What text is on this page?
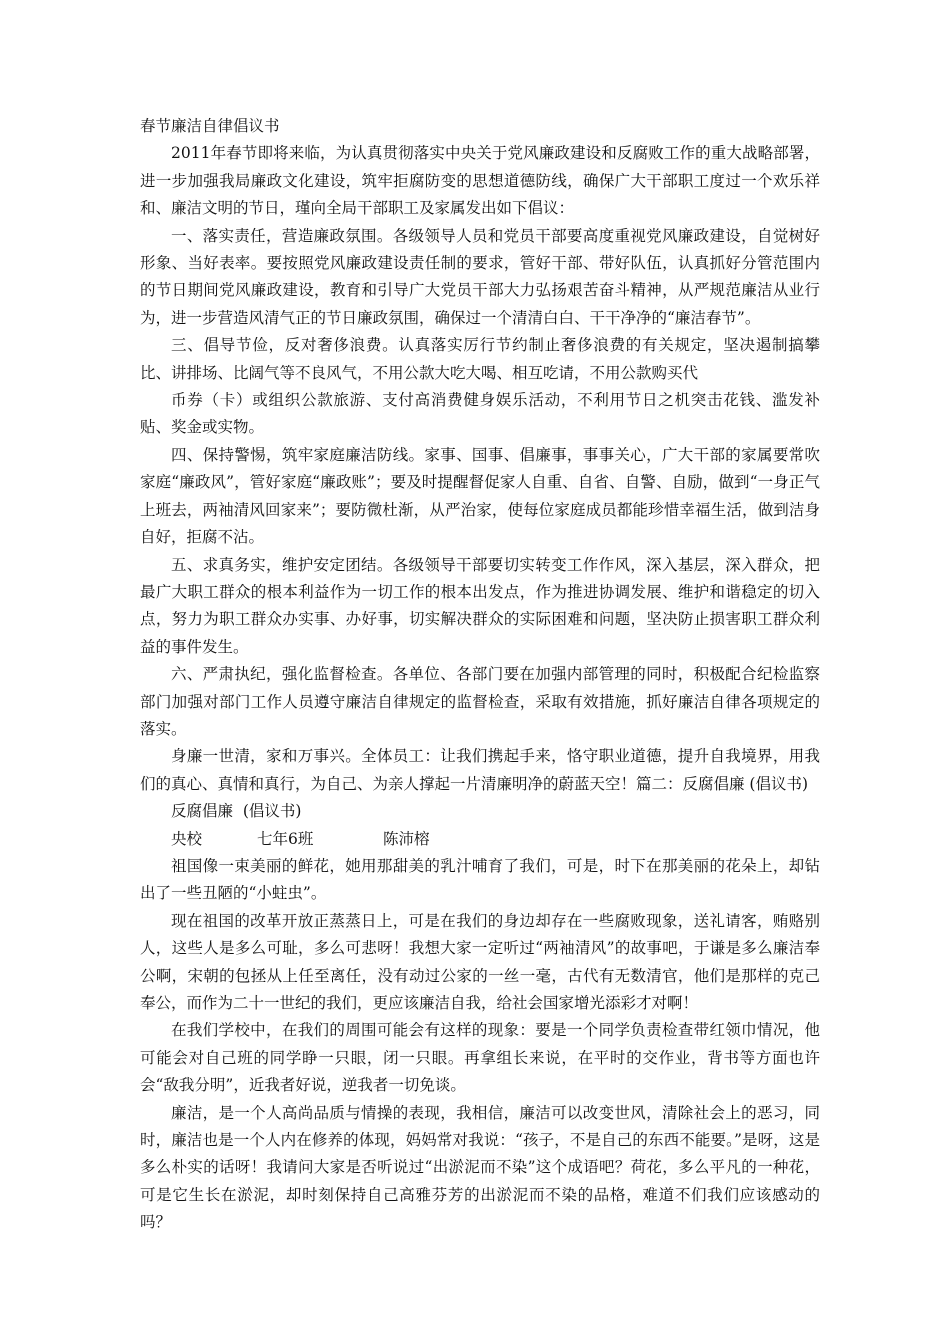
春节廉洁自律倡议书

2011年春节即将来临，为认真贯彻落实中央关于党风廉政建设和反腐败工作的重大战略部署，进一步加强我局廉政文化建设，筑牢拒腐防变的思想道德防线，确保广大干部职工度过一个欢乐祥和、廉洁文明的节日，瑾向全局干部职工及家属发出如下倡议：

一、落实责任，营造廉政氛围。各级领导人员和党员干部要高度重视党风廉政建设，自觉树好形象、当好表率。要按照党风廉政建设责任制的要求，管好干部、带好队伍，认真抓好分管范围内的节日期间党风廉政建设，教育和引导广大党员干部大力弘扬艰苦奋斗精神，从严规范廉洁从业行为，进一步营造风清气正的节日廉政氛围，确保过一个清清白白、干干净净的“廉洁春节”。

三、倡导节俭，反对奢侈浪费。认真落实厉行节约制止奢侈浪费的有关规定，坚决遏制搞攀比、讲排场、比阔气等不良风气，不用公款大吃大喝、相互吃请，不用公款购买代

币券（卡）或组织公款旅游、支付高消费健身娱乐活动，不利用节日之机突击花钱、滥发补贴、奖金或实物。

四、保持警惕，筑牢家庭廉洁防线。家事、国事、倡廉事，事事关心，广大干部的家属要常吹家庭“廉政风”，管好家庭“廉政账”；要及时提醒督促家人自重、自省、自警、自励，做到“一身正气上班去，两袖清风回家来”；要防微杜渐，从严治家，使每位家庭成员都能珍惜幸福生活，做到洁身自好，拒腐不沾。

五、求真务实，维护安定团结。各级领导干部要切实转变工作作风，深入基层，深入群众，把最广大职工群众的根本利益作为一切工作的根本出发点，作为推进协调发展、维护和谐稳定的切入点，努力为职工群众办实事、办好事，切实解决群众的实际困难和问题，坚决防止损害职工群众利益的事件发生。

六、严肃执纪，强化监督检查。各单位、各部门要在加强内部管理的同时，积极配合纪检监察部门加强对部门工作人员遵守廉洁自律规定的监督检查，采取有效措施，抓好廉洁自律各项规定的落实。

身廉一世清，家和万事兴。全体员工：让我们携起手来，恪守职业道德，提升自我境界，用我们的真心、真情和真行，为自己、为亲人撑起一片清廉明净的蔚蓝天空！篇二：反腐倡廉 (倡议书)

反腐倡廉  (倡议书)

央校	七年6班	陈沛榕

祖国像一束美丽的鲜花，她用那甜美的乳汁哺育了我们，可是，时下在那美丽的花朵上，却钻出了一些丑陋的“小蛀虫”。

现在祖国的改革开放正蒸蒸日上，可是在我们的身边却存在一些腐败现象，送礼请客，贿赂别人，这些人是多么可耻，多么可悲呀！我想大家一定听过“两袖清风”的故事吧，于谦是多么廉洁奉公啊，宋朝的包拯从上任至离任，没有动过公家的一丝一毫，古代有无数清官，他们是那样的克己奉公，而作为二十一世纪的我们，更应该廉洁自我，给社会国家增光添彩才对啊！

在我们学校中，在我们的周围可能会有这样的现象：要是一个同学负责检查带红领巾情况，他可能会对自己班的同学睁一只眼，闭一只眼。再拿组长来说，在平时的交作业，背书等方面也许会“敌我分明”，近我者好说，逆我者一切免谈。

廉洁，是一个人高尚品质与情操的表现，我相信，廉洁可以改变世风，清除社会上的恶习，同时，廉洁也是一个人内在修养的体现，妈妈常对我说：“孩子，不是自己的东西不能要。”是呀，这是多么朴实的话呀！我请问大家是否听说过“出淤泥而不染”这个成语吧？荷花，多么平凡的一种花，可是它生长在淤泥，却时刻保持自己高雅芬芳的出淤泥而不染的品格，难道不们我们应该感动的吗？
